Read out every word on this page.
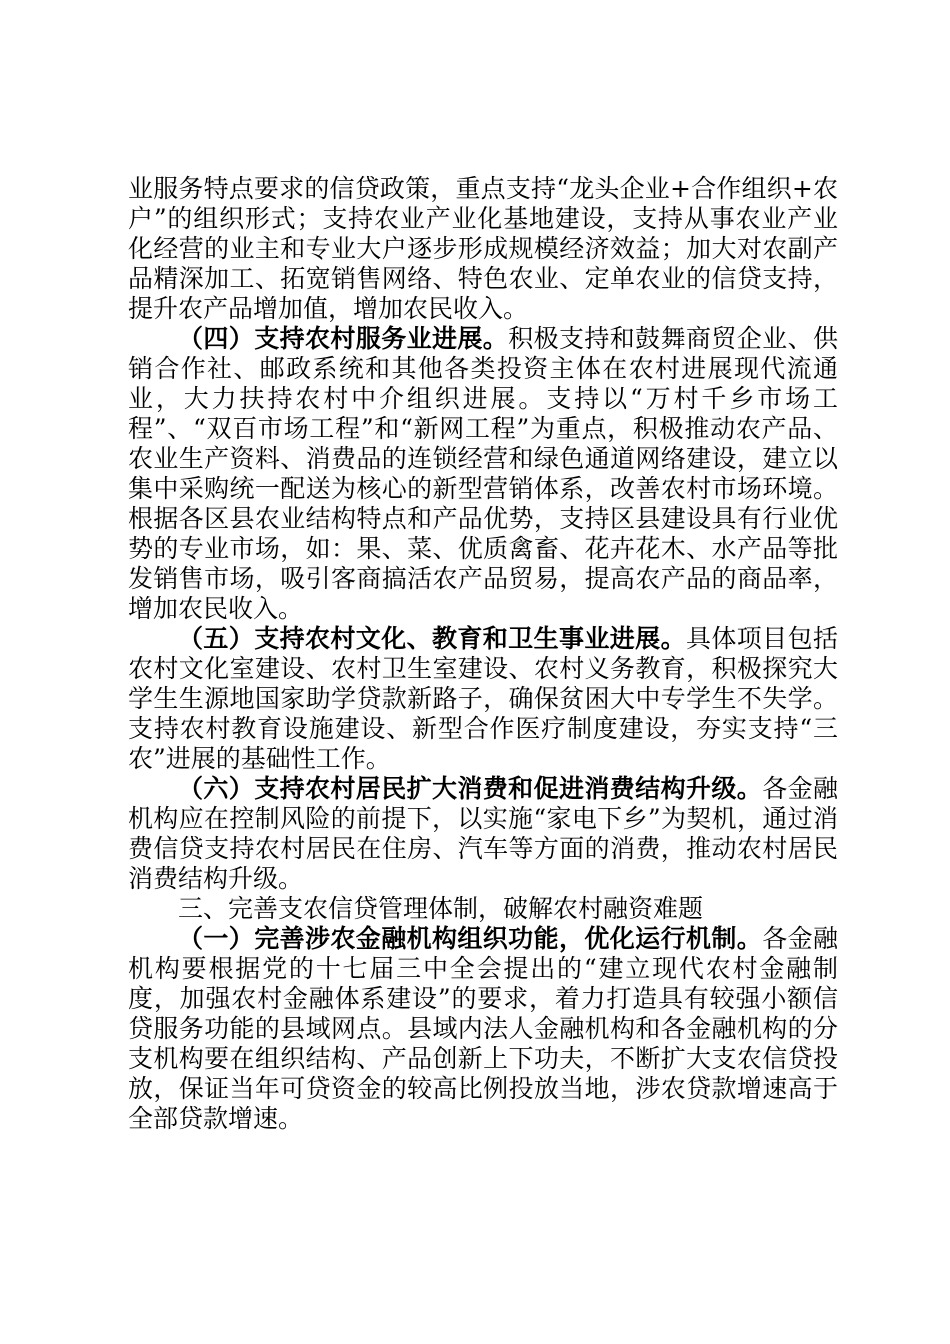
业服务特点要求的信贷政策，重点支持“龙头企业+合作组织+农户”的组织形式；支持农业产业化基地建设，支持从事农业产业化经营的业主和专业大户逐步形成规模经济效益；加大对农副产品精深加工、拓宽销售网络、特色农业、定单农业的信贷支持，提升农产品增加值，增加农民收入。

（四）支持农村服务业进展。积极支持和鼓舞商贸企业、供销合作社、邮政系统和其他各类投资主体在农村进展现代流通业，大力扶持农村中介组织进展。支持以“万村千乡市场工程”、“双百市场工程”和“新网工程”为重点，积极推动农产品、农业生产资料、消费品的连锁经营和绿色通道网络建设，建立以集中采购统一配送为核心的新型营销体系，改善农村市场环境。根据各区县农业结构特点和产品优势，支持区县建设具有行业优势的专业市场，如：果、菜、优质禽畜、花卉花木、水产品等批发销售市场，吸引客商搞活农产品贸易，提高农产品的商品率，增加农民收入。

（五）支持农村文化、教育和卫生事业进展。具体项目包括农村文化室建设、农村卫生室建设、农村义务教育，积极探究大学生生源地国家助学贷款新路子，确保贫困大中专学生不失学。支持农村教育设施建设、新型合作医疗制度建设，夯实支持“三农”进展的基础性工作。

（六）支持农村居民扩大消费和促进消费结构升级。各金融机构应在控制风险的前提下，以实施“家电下乡”为契机，通过消费信贷支持农村居民在住房、汽车等方面的消费，推动农村居民消费结构升级。

三、完善支农信贷管理体制，破解农村融资难题

（一）完善涉农金融机构组织功能，优化运行机制。各金融机构要根据党的十七届三中全会提出的“建立现代农村金融制度，加强农村金融体系建设”的要求，着力打造具有较强小额信贷服务功能的县域网点。县域内法人金融机构和各金融机构的分支机构要在组织结构、产品创新上下功夫，不断扩大支农信贷投放，保证当年可贷资金的较高比例投放当地，涉农贷款增速高于全部贷款增速。
